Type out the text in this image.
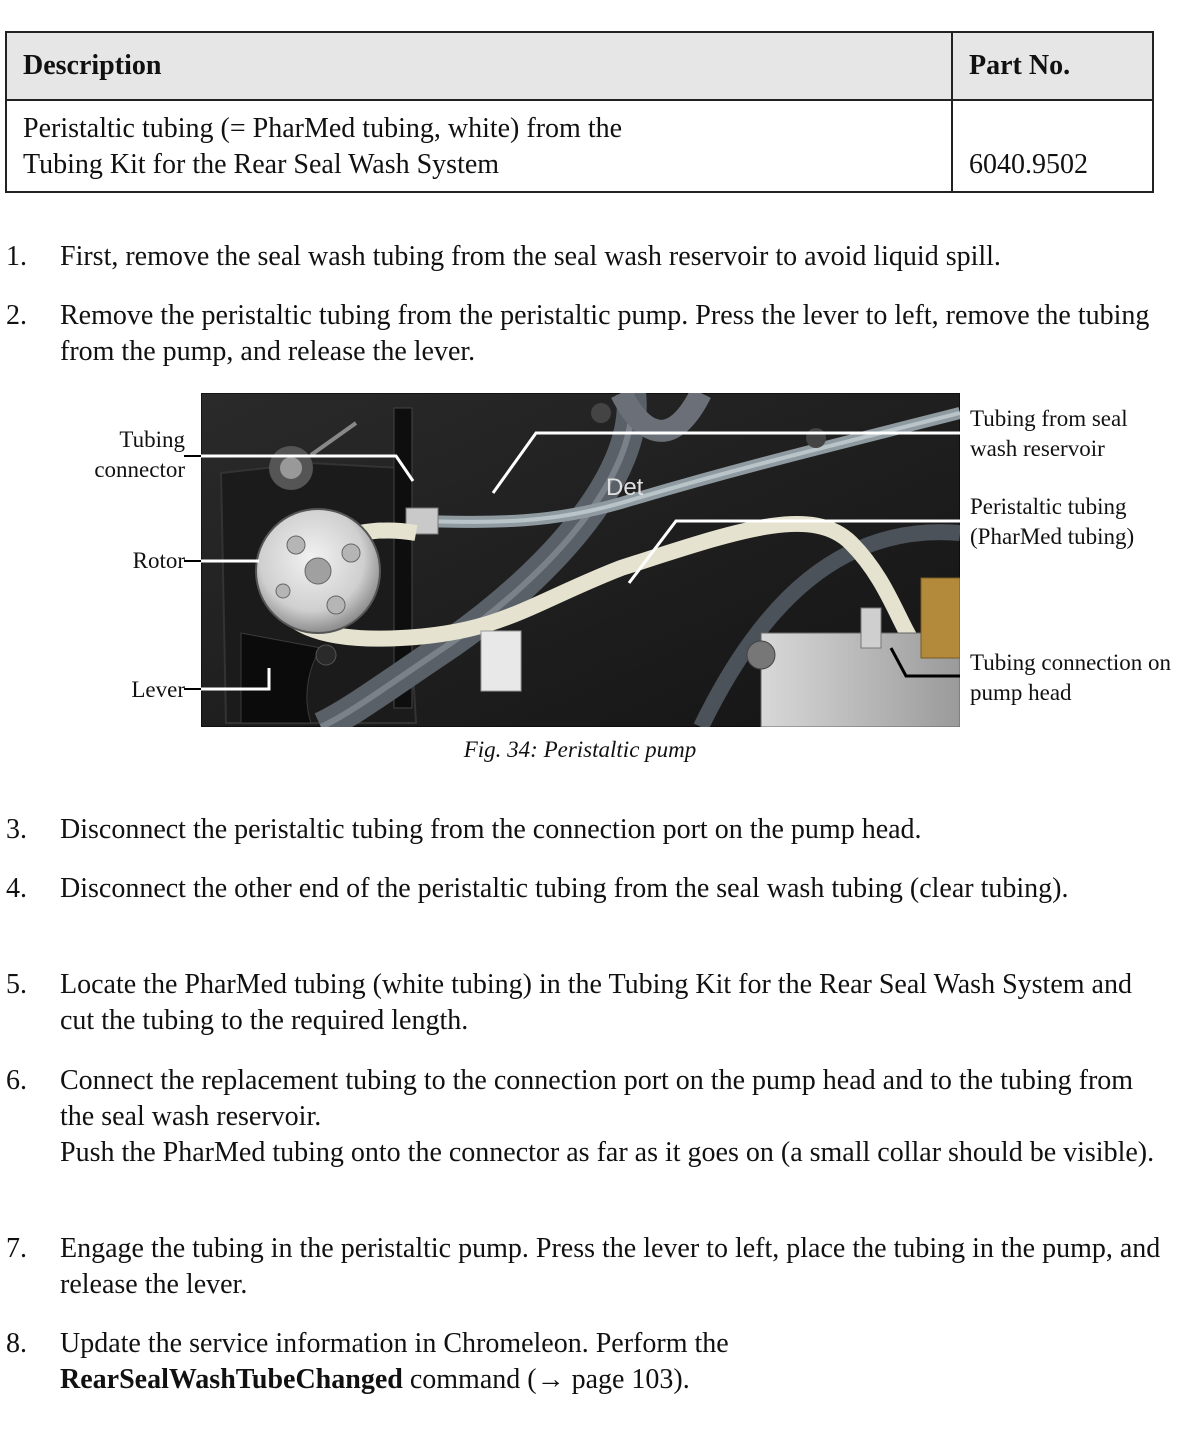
Description	Part No.

Peristaltic tubing (= PharMed tubing, white) from the
Tubing Kit for the Rear Seal Wash System	6040.9502
1. First, remove the seal wash tubing from the seal wash reservoir to avoid liquid spill.
2. Remove the peristaltic tubing from the peristaltic pump. Press the lever to left, remove the tubing from the pump, and release the lever.
Det
Tubing
connector
Rotor
Lever
Tubing from seal
wash reservoir
Peristaltic tubing
(PharMed tubing)
Tubing connection on
pump head
Fig. 34: Peristaltic pump
3. Disconnect the peristaltic tubing from the connection port on the pump head.
4. Disconnect the other end of the peristaltic tubing from the seal wash tubing (clear tubing).
5. Locate the PharMed tubing (white tubing) in the Tubing Kit for the Rear Seal Wash System and cut the tubing to the required length.
6. Connect the replacement tubing to the connection port on the pump head and to the tubing from the seal wash reservoir.
Push the PharMed tubing onto the connector as far as it goes on (a small collar should be visible).
7. Engage the tubing in the peristaltic pump. Press the lever to left, place the tubing in the pump, and release the lever.
8. Update the service information in Chromeleon. Perform the
RearSealWashTubeChanged command (→ page 103).
